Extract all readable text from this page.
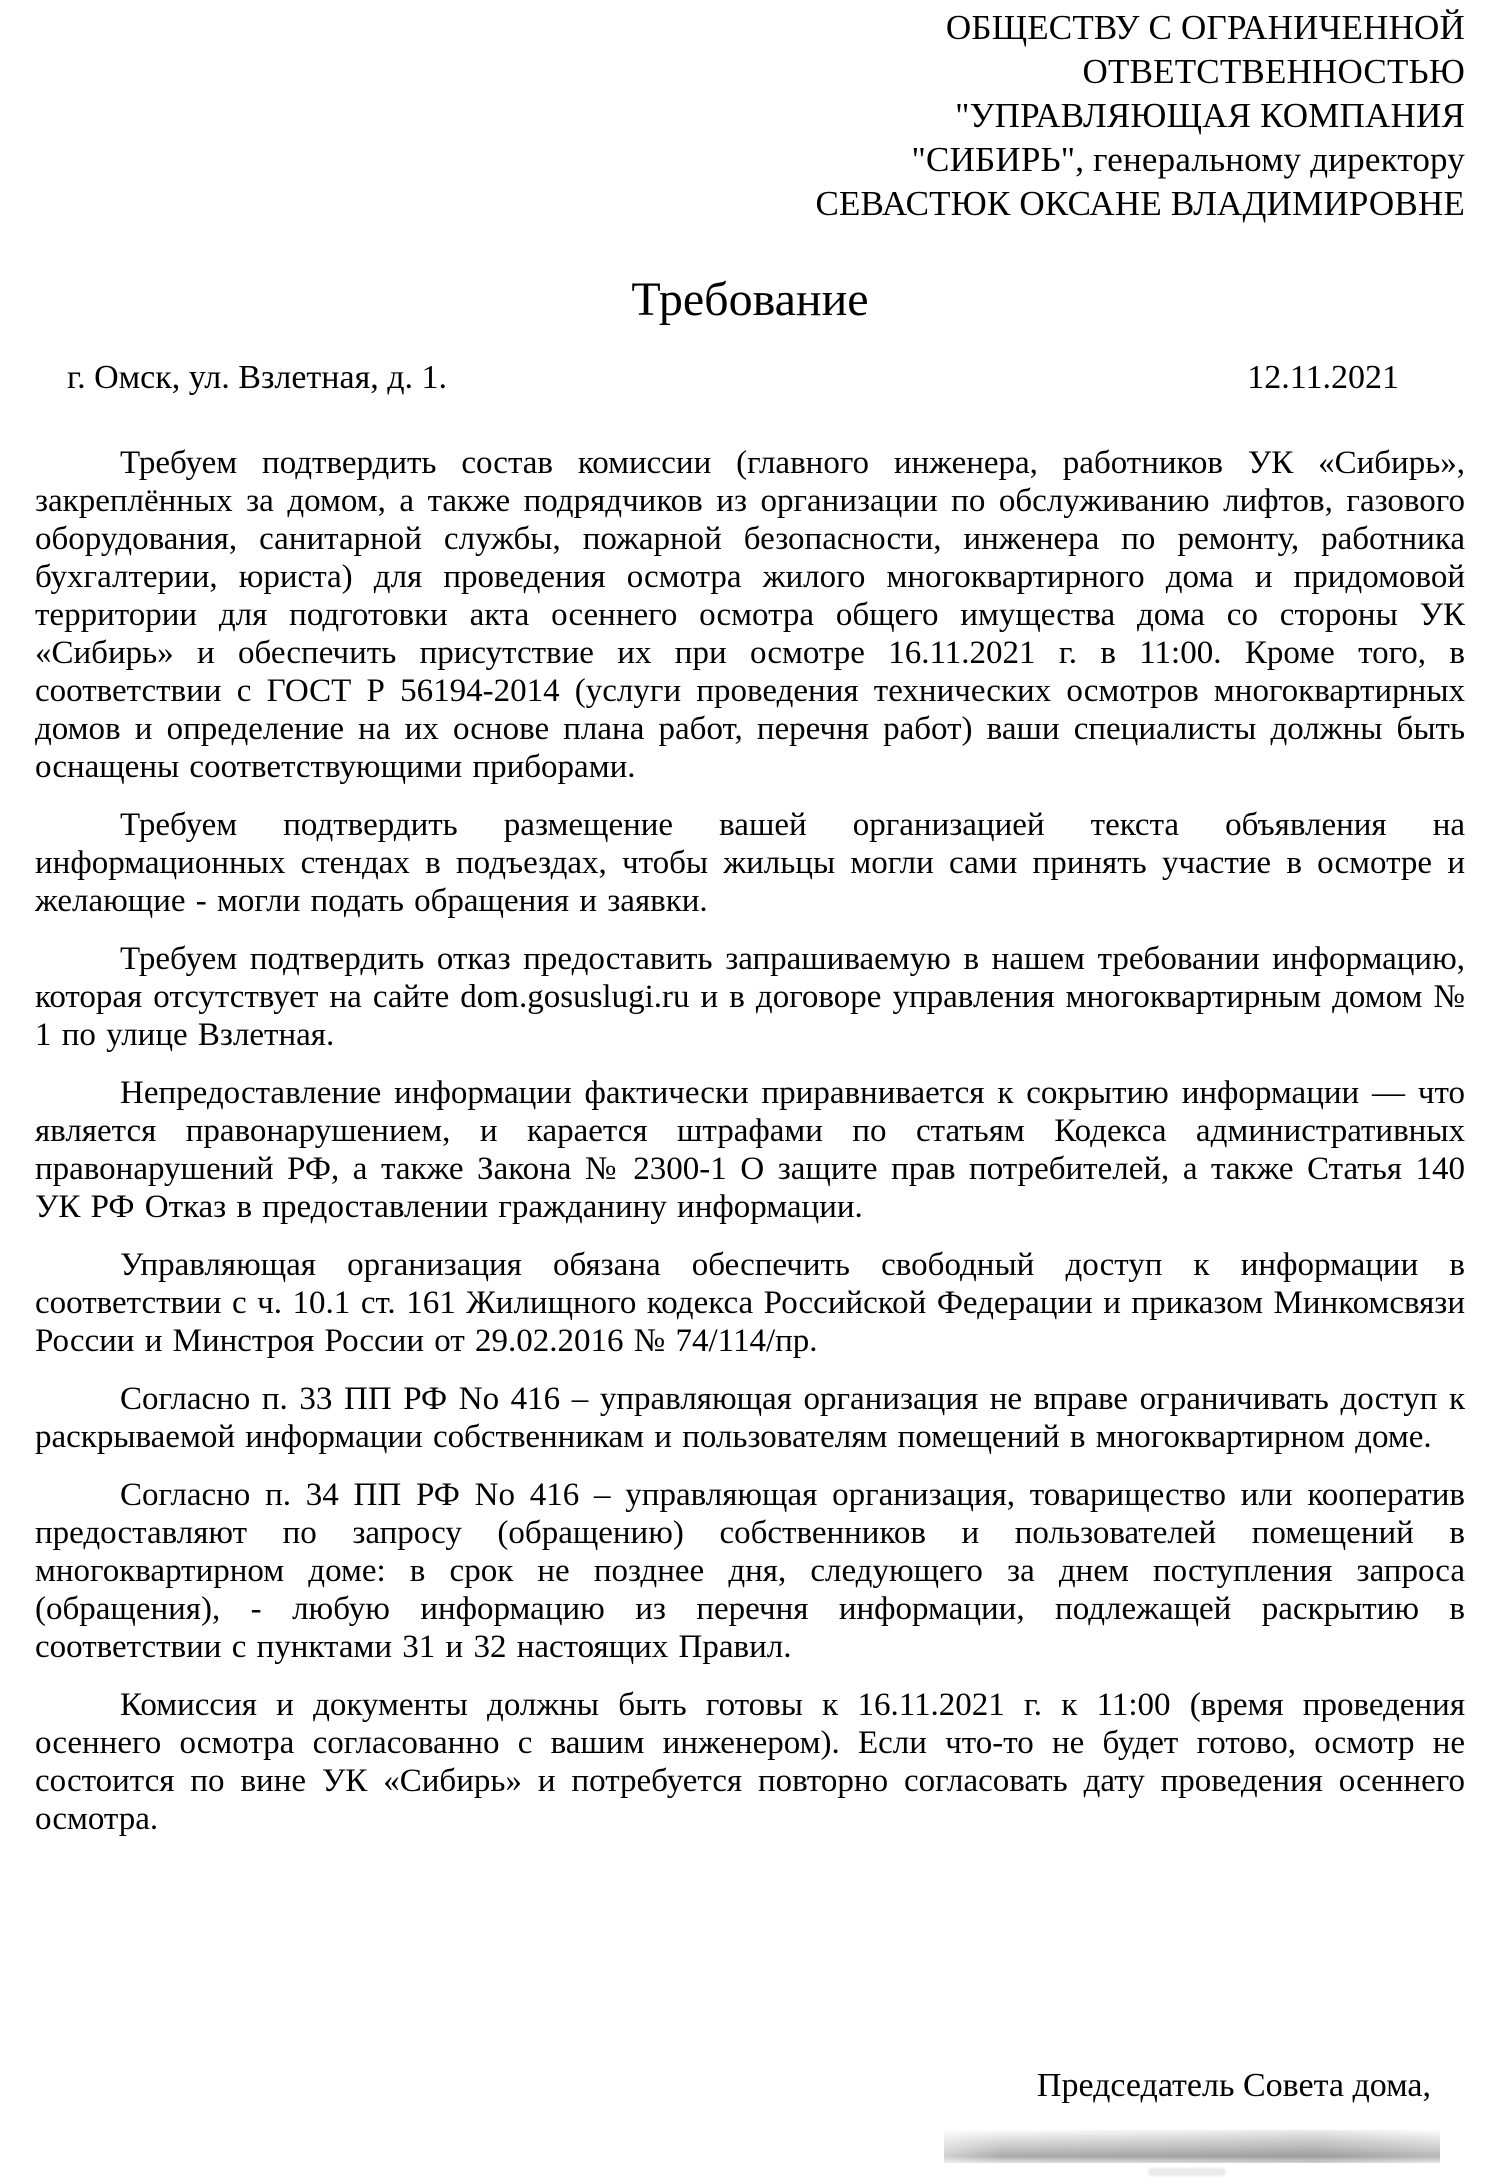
ОБЩЕСТВУ С ОГРАНИЧЕННОЙ
ОТВЕТСТВЕННОСТЬЮ
"УПРАВЛЯЮЩАЯ КОМПАНИЯ
"СИБИРЬ", генеральному директору
СЕВАСТЮК ОКСАНЕ ВЛАДИМИРОВНЕ
Требование
г. Омск, ул. Взлетная, д. 1.	12.11.2021

Требуем подтвердить состав комиссии (главного инженера, работников УК «Сибирь», закреплённых за домом, а также подрядчиков из организации по обслуживанию лифтов, газового оборудования, санитарной службы, пожарной безопасности, инженера по ремонту, работника бухгалтерии, юриста) для проведения осмотра жилого многоквартирного дома и придомовой территории для подготовки акта осеннего осмотра общего имущества дома со стороны УК «Сибирь» и обеспечить присутствие их при осмотре 16.11.2021 г. в 11:00. Кроме того, в соответствии с ГОСТ Р 56194-2014 (услуги проведения технических осмотров многоквартирных домов и определение на их основе плана работ, перечня работ) ваши специалисты должны быть оснащены соответствующими приборами.

Требуем подтвердить размещение вашей организацией текста объявления на информационных стендах в подъездах, чтобы жильцы могли сами принять участие в осмотре и желающие - могли подать обращения и заявки.

Требуем подтвердить отказ предоставить запрашиваемую в нашем требовании информацию, которая отсутствует на сайте dom.gosuslugi.ru и в договоре управления многоквартирным домом № 1 по улице Взлетная.

Непредоставление информации фактически приравнивается к сокрытию информации — что является правонарушением, и карается штрафами по статьям Кодекса административных правонарушений РФ, а также Закона № 2300-1 О защите прав потребителей, а также Статья 140 УК РФ Отказ в предоставлении гражданину информации.

Управляющая организация обязана обеспечить свободный доступ к информации в соответствии с ч. 10.1 ст. 161 Жилищного кодекса Российской Федерации и приказом Минкомсвязи России и Минстроя России от 29.02.2016 № 74/114/пр.

Согласно п. 33 ПП РФ No 416 – управляющая организация не вправе ограничивать доступ к раскрываемой информации собственникам и пользователям помещений в многоквартирном доме.

Согласно п. 34 ПП РФ No 416 – управляющая организация, товарищество или кооператив предоставляют по запросу (обращению) собственников и пользователей помещений в многоквартирном доме: в срок не позднее дня, следующего за днем поступления запроса (обращения), - любую информацию из перечня информации, подлежащей раскрытию в соответствии с пунктами 31 и 32 настоящих Правил.

Комиссия и документы должны быть готовы к 16.11.2021 г. к 11:00 (время проведения осеннего осмотра согласованно с вашим инженером). Если что-то не будет готово, осмотр не состоится по вине УК «Сибирь» и потребуется повторно согласовать дату проведения осеннего осмотра.

Председатель Совета дома,
